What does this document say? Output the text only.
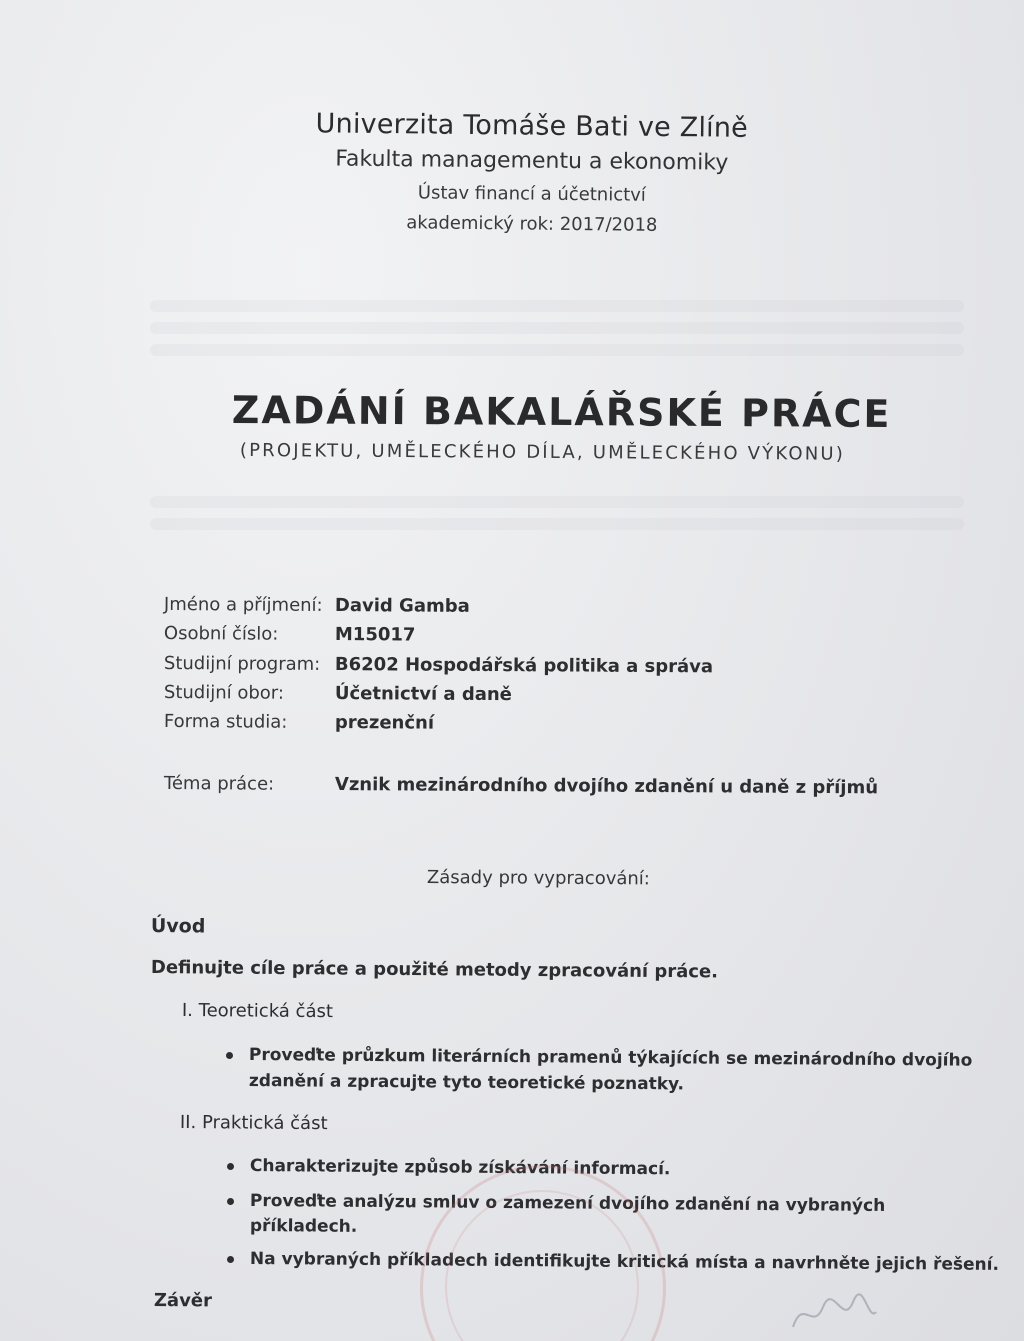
Univerzita Tomáše Bati ve Zlíně
Fakulta managementu a ekonomiky
Ústav financí a účetnictví
akademický rok: 2017/2018
ZADÁNÍ BAKALÁŘSKÉ PRÁCE
(PROJEKTU, UMĚLECKÉHO DÍLA, UMĚLECKÉHO VÝKONU)
Jméno a příjmení: David Gamba
Osobní číslo:	M15017
Studijní program: B6202 Hospodářská politika a správa
Studijní obor:	Účetnictví a daně
Forma studia:	prezenční
Téma práce:	Vznik mezinárodního dvojího zdanění u daně z příjmů
Zásady pro vypracování:
Úvod
Definujte cíle práce a použité metody zpracování práce.
I. Teoretická část
Proveďte průzkum literárních pramenů týkajících se mezinárodního dvojího
zdanění a zpracujte tyto teoretické poznatky.
II. Praktická část
Charakterizujte způsob získávání informací.
Proveďte analýzu smluv o zamezení dvojího zdanění na vybraných
příkladech.
Na vybraných příkladech identifikujte kritická místa a navrhněte jejich řešení.
Závěr
